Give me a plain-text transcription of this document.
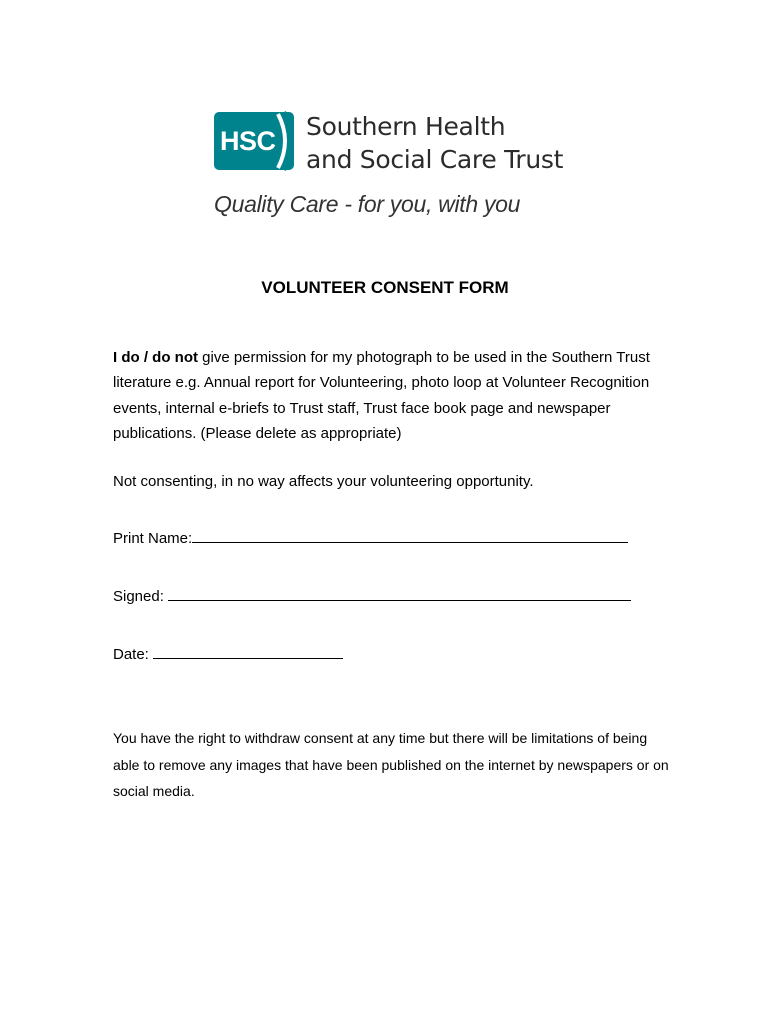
HSC Southern Health
and Social Care Trust
Quality Care - for you, with you
VOLUNTEER CONSENT FORM
I do / do not give permission for my photograph to be used in the Southern Trust literature e.g. Annual report for Volunteering, photo loop at Volunteer Recognition events, internal e-briefs to Trust staff, Trust face book page and newspaper publications. (Please delete as appropriate)
Not consenting, in no way affects your volunteering opportunity.
Print Name:
Signed:
Date:
You have the right to withdraw consent at any time but there will be limitations of being able to remove any images that have been published on the internet by newspapers or on social media.
